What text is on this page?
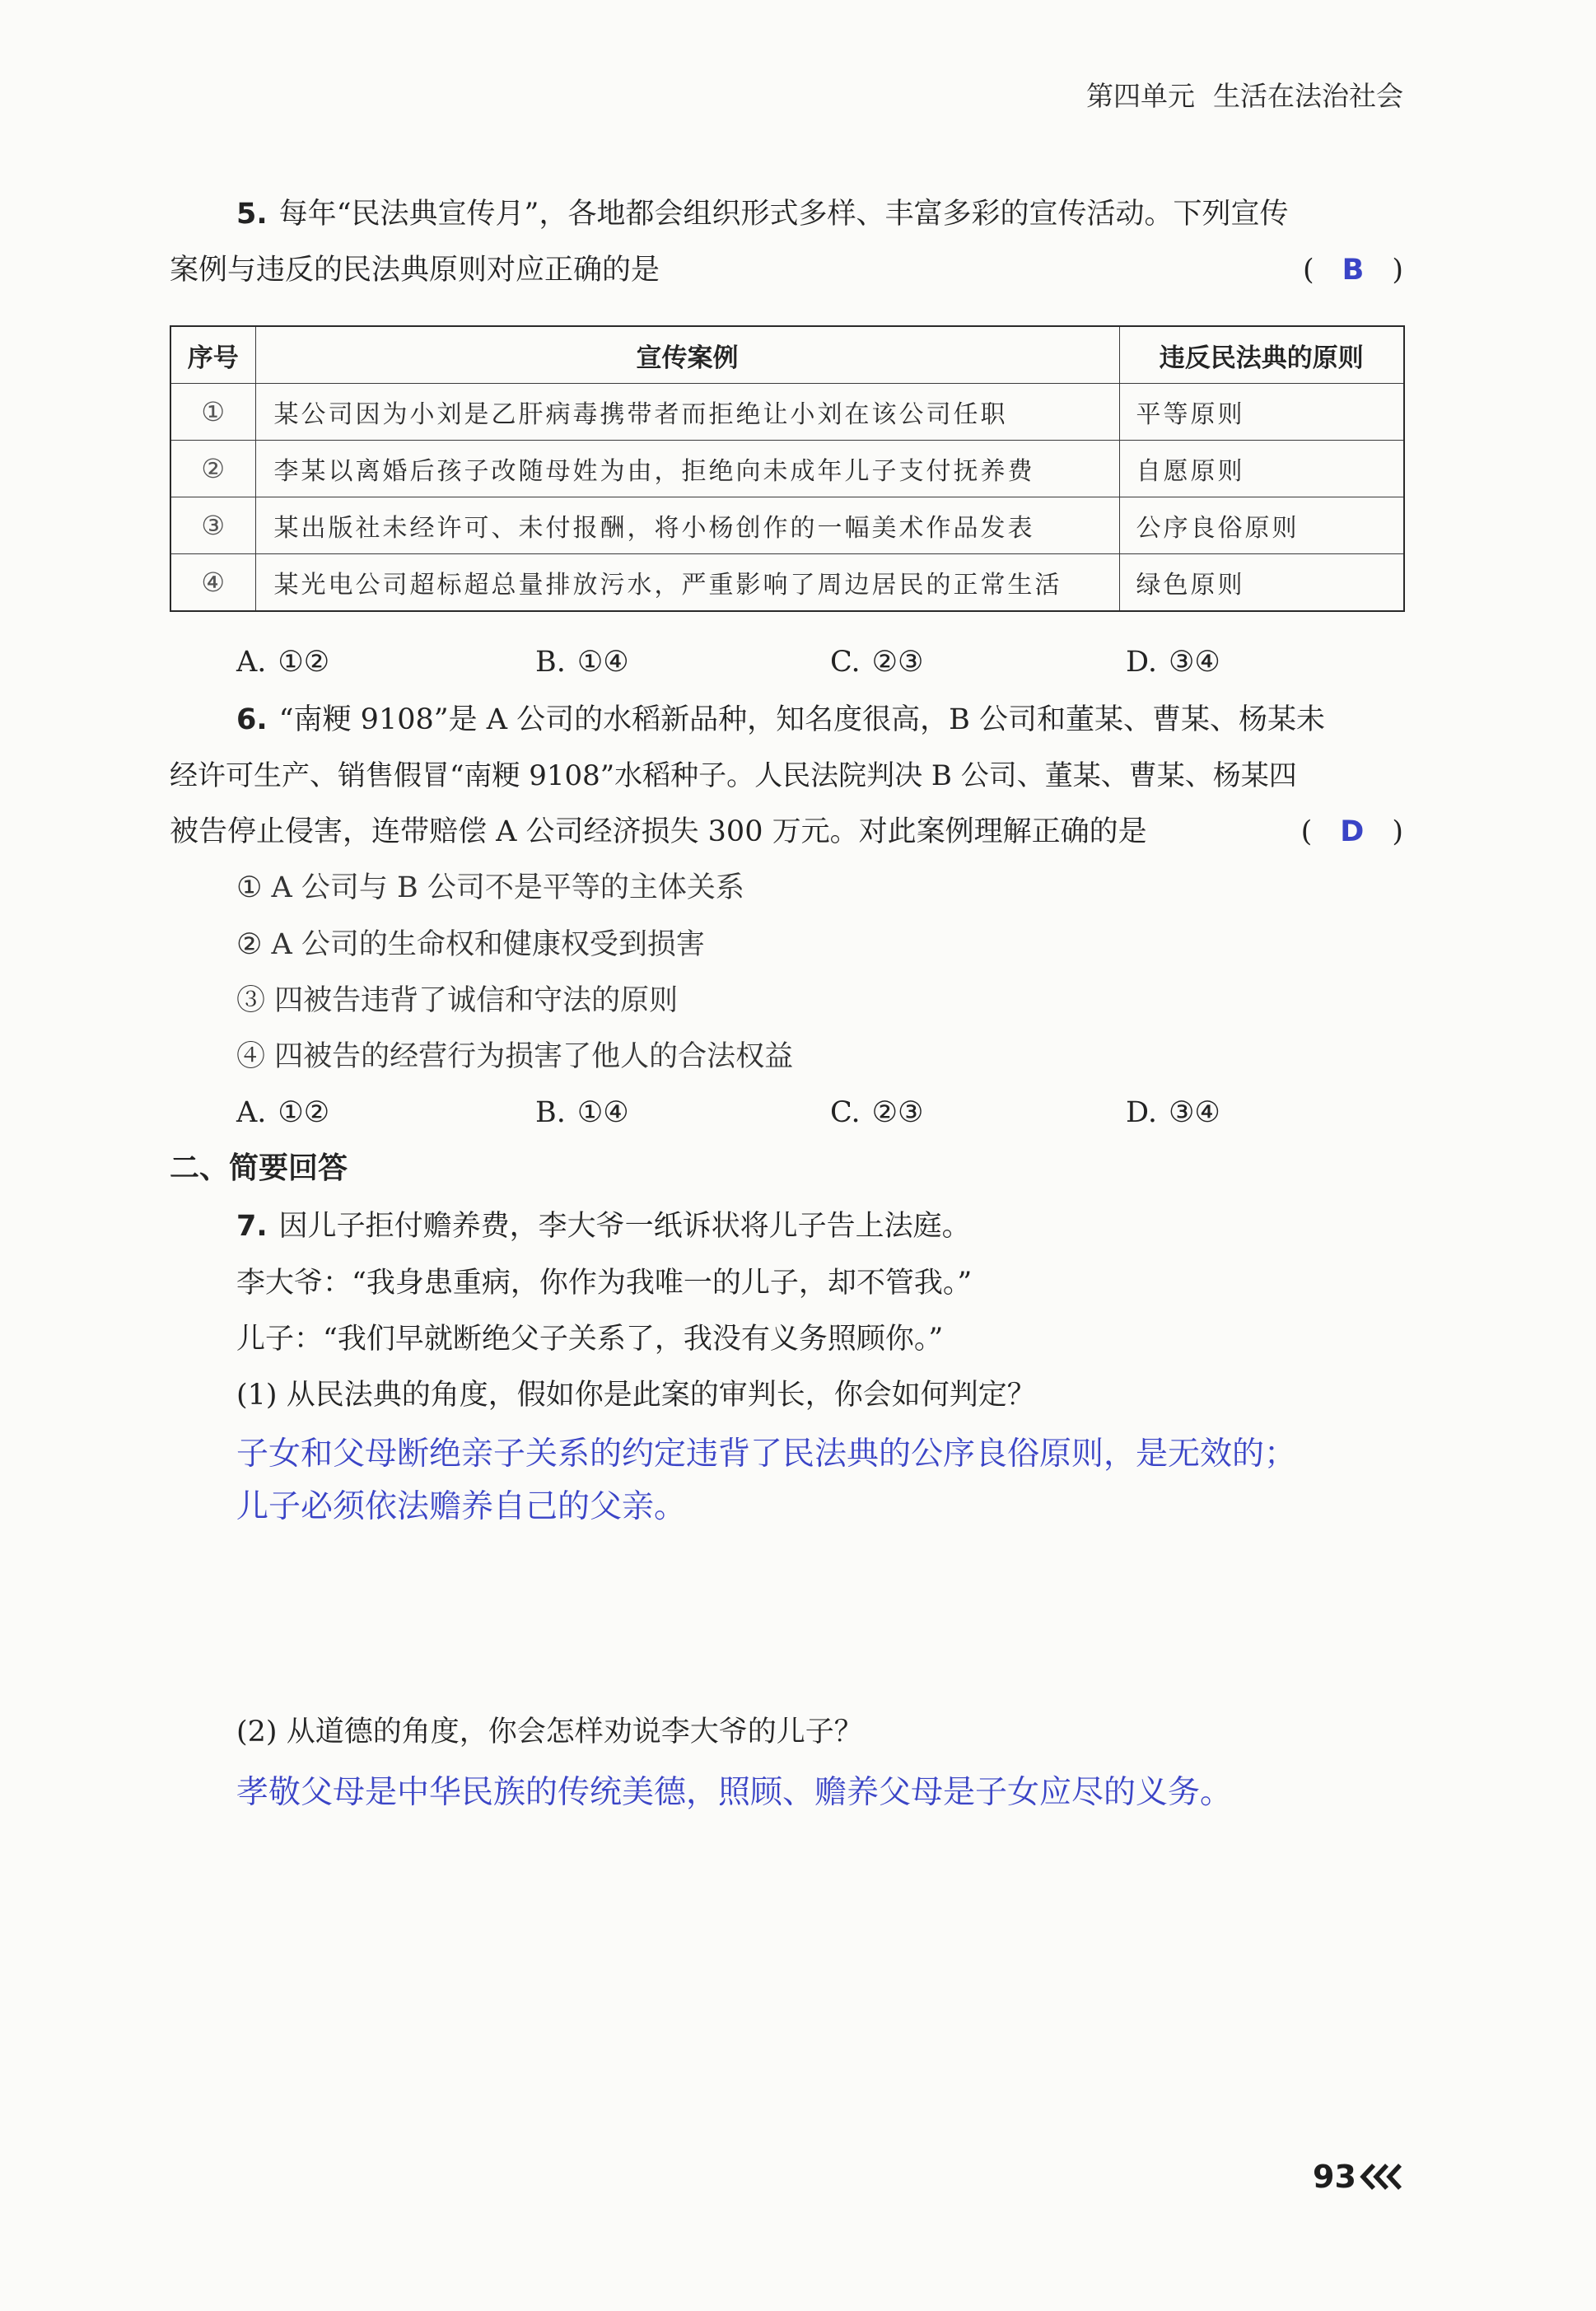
第四单元 生活在法治社会
5. 每年“民法典宣传月”，各地都会组织形式多样、丰富多彩的宣传活动。下列宣传
案例与违反的民法典原则对应正确的是	( B )
序号	宣传案例	违反民法典的原则
①	某公司因为小刘是乙肝病毒携带者而拒绝让小刘在该公司任职	平等原则
②	李某以离婚后孩子改随母姓为由，拒绝向未成年儿子支付抚养费	自愿原则
③	某出版社未经许可、未付报酬，将小杨创作的一幅美术作品发表	公序良俗原则
④	某光电公司超标超总量排放污水，严重影响了周边居民的正常生活	绿色原则
A. ①②	B. ①④	C. ②③	D. ③④
6. “南粳 9108”是 A 公司的水稻新品种，知名度很高，B 公司和董某、曹某、杨某未
经许可生产、销售假冒“南粳 9108”水稻种子。人民法院判决 B 公司、董某、曹某、杨某四
被告停止侵害，连带赔偿 A 公司经济损失 300 万元。对此案例理解正确的是	( D )
① A 公司与 B 公司不是平等的主体关系
② A 公司的生命权和健康权受到损害
③ 四被告违背了诚信和守法的原则
④ 四被告的经营行为损害了他人的合法权益
A. ①②	B. ①④	C. ②③	D. ③④
二、简要回答
7. 因儿子拒付赡养费，李大爷一纸诉状将儿子告上法庭。
李大爷：“我身患重病，你作为我唯一的儿子，却不管我。”
儿子：“我们早就断绝父子关系了，我没有义务照顾你。”
(1) 从民法典的角度，假如你是此案的审判长，你会如何判定？
子女和父母断绝亲子关系的约定违背了民法典的公序良俗原则，是无效的；
儿子必须依法赡养自己的父亲。
(2) 从道德的角度，你会怎样劝说李大爷的儿子？
孝敬父母是中华民族的传统美德，照顾、赡养父母是子女应尽的义务。
93
